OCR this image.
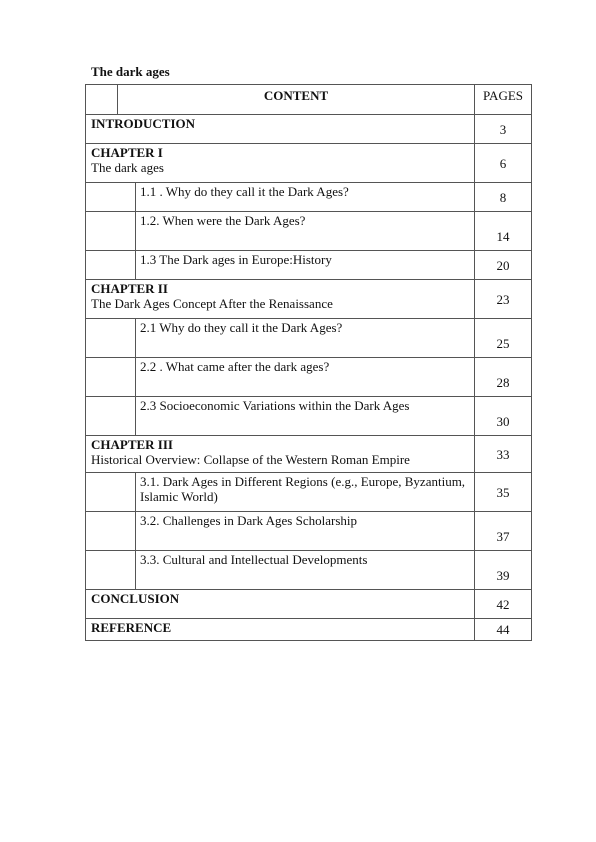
The dark ages
	CONTENT		PAGES
INTRODUCTION			3

CHAPTER I
The dark ages			6
		1.1 . Why do they call it the Dark Ages?	8
		1.2. When were the Dark Ages?	14
		1.3 The Dark ages in Europe:History	20

CHAPTER II
The Dark Ages Concept After the Renaissance			23
		2.1 Why do they call it the Dark Ages?	25
		2.2 . What came after the dark ages?	28
		2.3 Socioeconomic Variations within the Dark Ages	30

CHAPTER III
Historical Overview: Collapse of the Western Roman Empire			33
		3.1. Dark Ages in Different Regions (e.g., Europe, Byzantium, Islamic World)	35
		3.2. Challenges in Dark Ages Scholarship	37
		3.3. Cultural and Intellectual Developments	39
CONCLUSION			42
REFERENCE			44
